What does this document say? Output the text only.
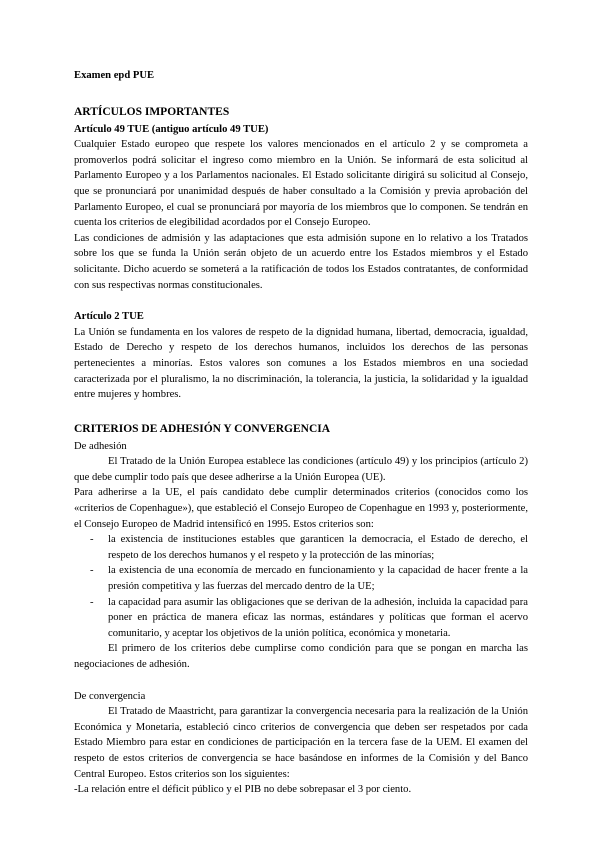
Examen epd PUE
ARTÍCULOS IMPORTANTES
Artículo 49 TUE (antiguo artículo 49 TUE)

Cualquier Estado europeo que respete los valores mencionados en el artículo 2 y se comprometa a promoverlos podrá solicitar el ingreso como miembro en la Unión. Se informará de esta solicitud al Parlamento Europeo y a los Parlamentos nacionales. El Estado solicitante dirigirá su solicitud al Consejo, que se pronunciará por unanimidad después de haber consultado a la Comisión y previa aprobación del Parlamento Europeo, el cual se pronunciará por mayoría de los miembros que lo componen. Se tendrán en cuenta los criterios de elegibilidad acordados por el Consejo Europeo.

Las condiciones de admisión y las adaptaciones que esta admisión supone en lo relativo a los Tratados sobre los que se funda la Unión serán objeto de un acuerdo entre los Estados miembros y el Estado solicitante. Dicho acuerdo se someterá a la ratificación de todos los Estados contratantes, de conformidad con sus respectivas normas constitucionales.

Artículo 2 TUE

La Unión se fundamenta en los valores de respeto de la dignidad humana, libertad, democracia, igualdad, Estado de Derecho y respeto de los derechos humanos, incluidos los derechos de las personas pertenecientes a minorías. Estos valores son comunes a los Estados miembros en una sociedad caracterizada por el pluralismo, la no discriminación, la tolerancia, la justicia, la solidaridad y la igualdad entre mujeres y hombres.

CRITERIOS DE ADHESIÓN Y CONVERGENCIA
De adhesión

El Tratado de la Unión Europea establece las condiciones (artículo 49) y los principios (artículo 2) que debe cumplir todo país que desee adherirse a la Unión Europea (UE).

Para adherirse a la UE, el país candidato debe cumplir determinados criterios (conocidos como los «criterios de Copenhague»), que estableció el Consejo Europeo de Copenhague en 1993 y, posteriormente, el Consejo Europeo de Madrid intensificó en 1995. Estos criterios son:

- la existencia de instituciones estables que garanticen la democracia, el Estado de derecho, el respeto de los derechos humanos y el respeto y la protección de las minorías;
- la existencia de una economía de mercado en funcionamiento y la capacidad de hacer frente a la presión competitiva y las fuerzas del mercado dentro de la UE;
- la capacidad para asumir las obligaciones que se derivan de la adhesión, incluida la capacidad para poner en práctica de manera eficaz las normas, estándares y políticas que forman el acervo comunitario, y aceptar los objetivos de la unión política, económica y monetaria.

El primero de los criterios debe cumplirse como condición para que se pongan en marcha las negociaciones de adhesión.

De convergencia

El Tratado de Maastricht, para garantizar la convergencia necesaria para la realización de la Unión Económica y Monetaria, estableció cinco criterios de convergencia que deben ser respetados por cada Estado Miembro para estar en condiciones de participación en la tercera fase de la UEM. El examen del respeto de estos criterios de convergencia se hace basándose en informes de la Comisión y del Banco Central Europeo. Estos criterios son los siguientes:

-La relación entre el déficit público y el PIB no debe sobrepasar el 3 por ciento.
